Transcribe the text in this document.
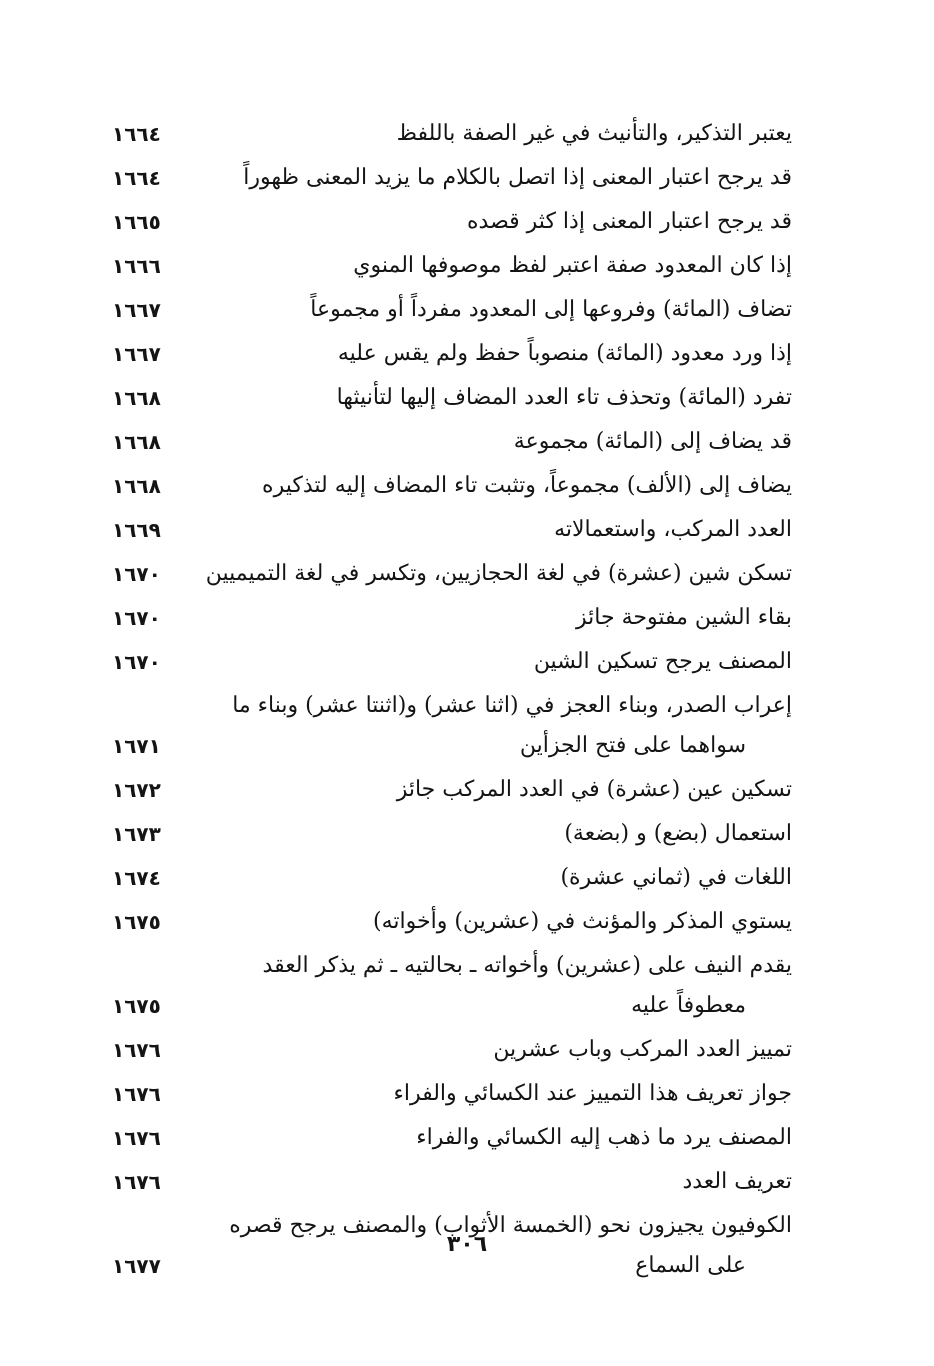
يعتبر التذكير، والتأنيث في غير الصفة باللفظ
١٦٦٤
قد يرجح اعتبار المعنى إذا اتصل بالكلام ما يزيد المعنى ظهوراً
١٦٦٤
قد يرجح اعتبار المعنى إذا كثر قصده
١٦٦٥
إذا كان المعدود صفة اعتبر لفظ موصوفها المنوي
١٦٦٦
تضاف (المائة) وفروعها إلى المعدود مفرداً أو مجموعاً
١٦٦٧
إذا ورد معدود (المائة) منصوباً حفظ ولم يقس عليه
١٦٦٧
تفرد (المائة) وتحذف تاء العدد المضاف إليها لتأنيثها
١٦٦٨
قد يضاف إلى (المائة) مجموعة
١٦٦٨
يضاف إلى (الألف) مجموعاً، وتثبت تاء المضاف إليه لتذكيره
١٦٦٨
العدد المركب، واستعمالاته
١٦٦٩
تسكن شين (عشرة) في لغة الحجازيين، وتكسر في لغة التميميين
١٦٧٠
بقاء الشين مفتوحة جائز
١٦٧٠
المصنف يرجح تسكين الشين
١٦٧٠
إعراب الصدر، وبناء العجز في (اثنا عشر) و(اثنتا عشر) وبناء ما
سواهما على فتح الجزأين
١٦٧١
تسكين عين (عشرة) في العدد المركب جائز
١٦٧٢
استعمال (بضع) و (بضعة)
١٦٧٣
اللغات في (ثماني عشرة)
١٦٧٤
يستوي المذكر والمؤنث في (عشرين) وأخواته)
١٦٧٥
يقدم النيف على (عشرين) وأخواته ـ بحالتيه ـ ثم يذكر العقد
معطوفاً عليه
١٦٧٥
تمييز العدد المركب وباب عشرين
١٦٧٦
جواز تعريف هذا التمييز عند الكسائي والفراء
١٦٧٦
المصنف يرد ما ذهب إليه الكسائي والفراء
١٦٧٦
تعريف العدد
١٦٧٦
الكوفيون يجيزون نحو (الخمسة الأثواب) والمصنف يرجح قصره
على السماع
١٦٧٧
٣٠٦
